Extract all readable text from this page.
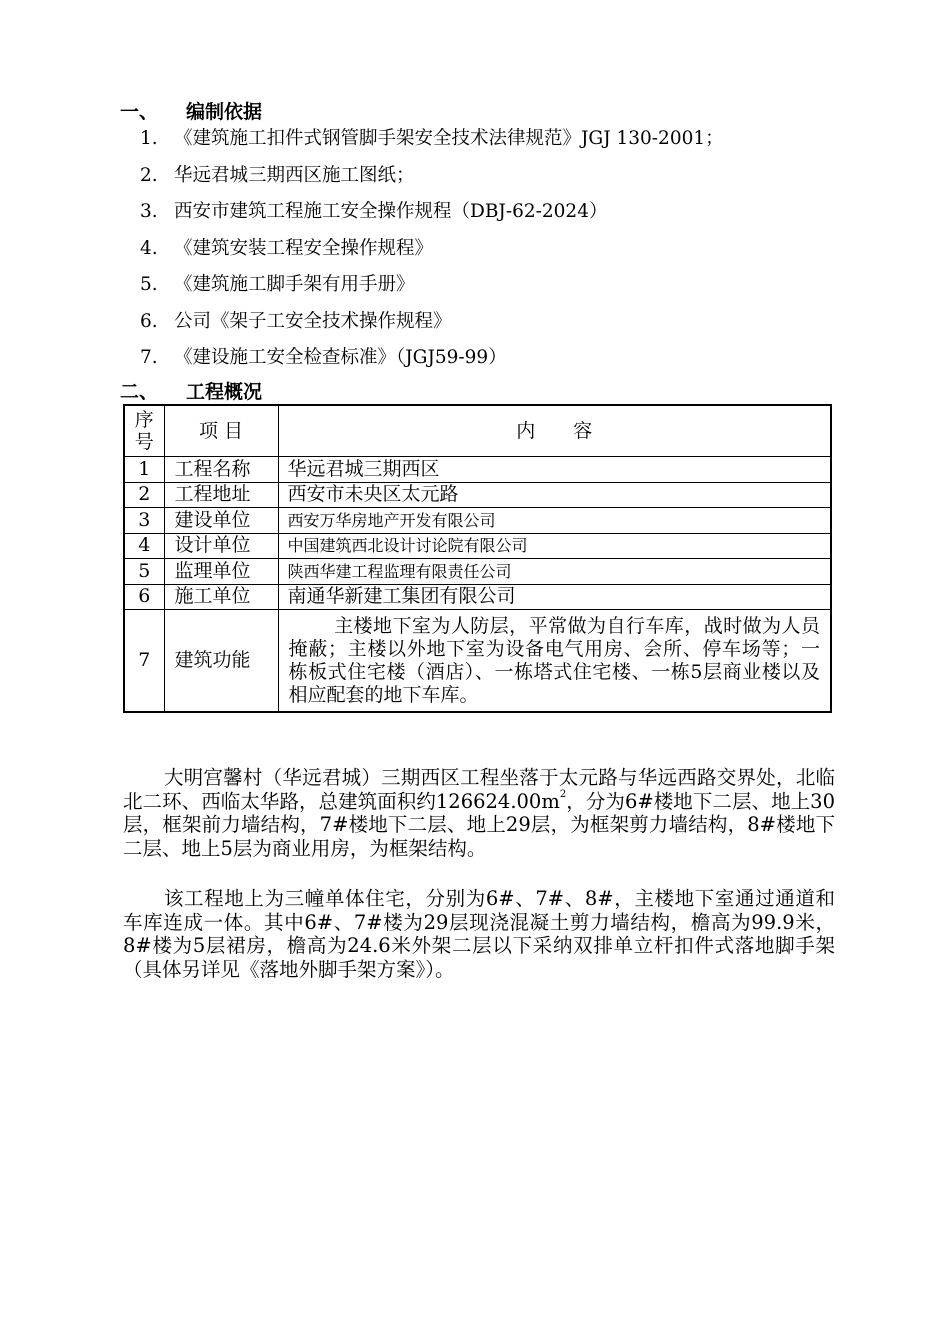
一、 编制依据
1. 《建筑施工扣件式钢管脚手架安全技术法律规范》JGJ 130-2001；
2. 华远君城三期西区施工图纸；
3. 西安市建筑工程施工安全操作规程（DBJ-62-2024）
4. 《建筑安装工程安全操作规程》
5. 《建筑施工脚手架有用手册》
6. 公司《架子工安全技术操作规程》
7. 《建设施工安全检查标准》（JGJ59-99）
二、 工程概况
序
号	项 目	内　　容
1	工程名称	华远君城三期西区
2	工程地址	西安市未央区太元路
3	建设单位	西安万华房地产开发有限公司
4	设计单位	中国建筑西北设计讨论院有限公司
5	监理单位	陕西华建工程监理有限责任公司
6	施工单位	南通华新建工集团有限公司
7	建筑功能	主楼地下室为人防层，平常做为自行车库，战时做为人员掩蔽；主楼以外地下室为设备电气用房、会所、停车场等；一栋板式住宅楼（酒店）、一栋塔式住宅楼、一栋5层商业楼以及相应配套的地下车库。

大明宫馨村（华远君城）三期西区工程坐落于太元路与华远西路交界处，北临北二环、西临太华路，总建筑面积约$126624.00m^2$，分为6#楼地下二层、地上30层，框架前力墙结构，7#楼地下二层、地上29层，为框架剪力墙结构，8#楼地下二层、地上5层为商业用房，为框架结构。

该工程地上为三幢单体住宅，分别为6#、7#、8#，主楼地下室通过通道和车库连成一体。其中6#、7#楼为29层现浇混凝土剪力墙结构，檐高为99.9米，8#楼为5层裙房，檐高为24.6米外架二层以下采纳双排单立杆扣件式落地脚手架（具体另详见《落地外脚手架方案》）。
